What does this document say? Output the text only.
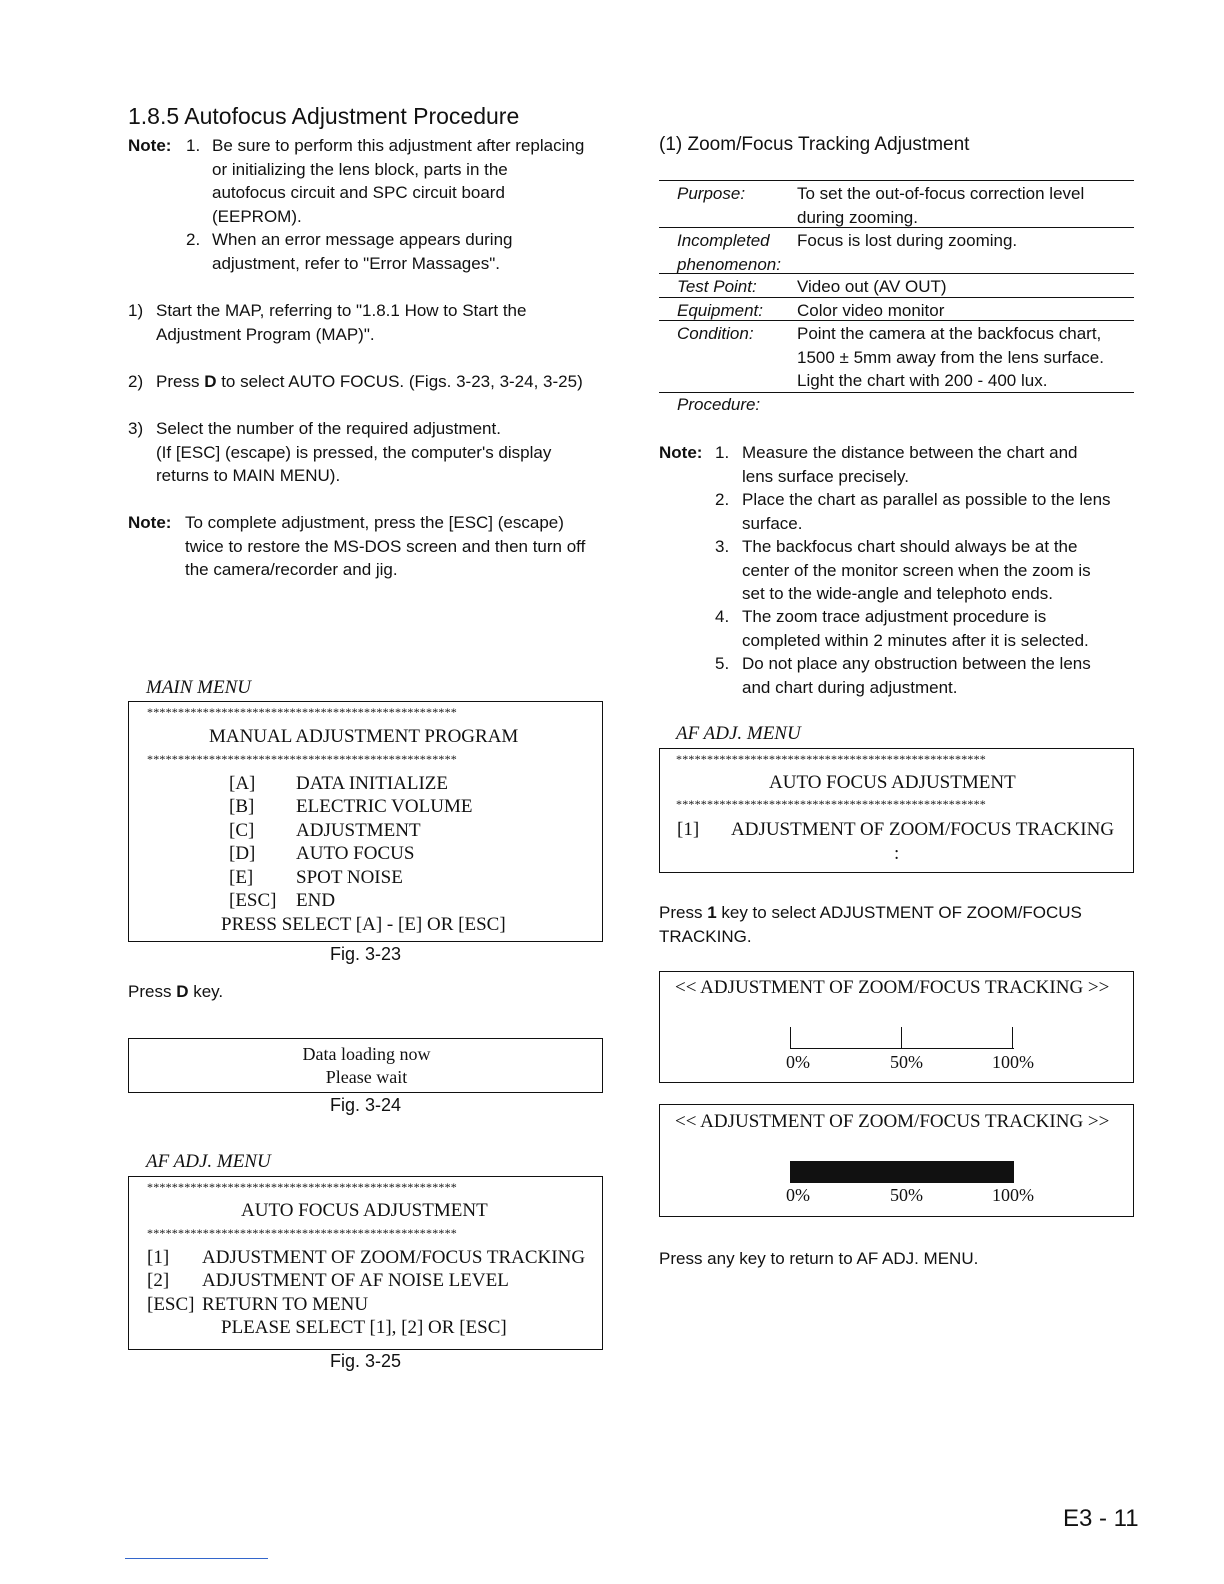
1.8.5 Autofocus Adjustment Procedure
Note: 1. Be sure to perform this adjustment after replacing
or initializing the lens block, parts in the
autofocus circuit and SPC circuit board
(EEPROM).
2. When an error message appears during
adjustment, refer to "Error Massages".
1) Start the MAP, referring to "1.8.1 How to Start the
Adjustment Program (MAP)".
2) Press D to select AUTO FOCUS. (Figs. 3-23, 3-24, 3-25)
3) Select the number of the required adjustment.
(If [ESC] (escape) is pressed, the computer's display
returns to MAIN MENU).
Note: To complete adjustment, press the [ESC] (escape)
twice to restore the MS-DOS screen and then turn off
the camera/recorder and jig.
MAIN MENU
**************************************************
MANUAL ADJUSTMENT PROGRAM
**************************************************
[A] DATA INITIALIZE
[B] ELECTRIC VOLUME
[C] ADJUSTMENT
[D] AUTO FOCUS
[E] SPOT NOISE
[ESC] END
PRESS SELECT [A] - [E] OR [ESC]
Fig. 3-23
Press D key.
Data loading now
Please wait
Fig. 3-24
AF ADJ. MENU
**************************************************
AUTO FOCUS ADJUSTMENT
**************************************************
[1] ADJUSTMENT OF ZOOM/FOCUS TRACKING
[2] ADJUSTMENT OF AF NOISE LEVEL
[ESC] RETURN TO MENU
PLEASE SELECT [1], [2] OR [ESC]
Fig. 3-25
(1) Zoom/Focus Tracking Adjustment
Purpose:	To set the out-of-focus correction level
during zooming.
Incompleted
phenomenon:
Focus is lost during zooming.
Test Point: Video out (AV OUT)
Equipment: Color video monitor
Condition:	Point the camera at the backfocus chart,
1500 ± 5mm away from the lens surface.
Light the chart with 200 - 400 lux.
Procedure:
Note: 1. Measure the distance between the chart and
lens surface precisely.
2. Place the chart as parallel as possible to the lens
surface.
3. The backfocus chart should always be at the
center of the monitor screen when the zoom is
set to the wide-angle and telephoto ends.
4. The zoom trace adjustment procedure is
completed within 2 minutes after it is selected.
5. Do not place any obstruction between the lens
and chart during adjustment.
AF ADJ. MENU
**************************************************
AUTO FOCUS ADJUSTMENT
**************************************************
[1] ADJUSTMENT OF ZOOM/FOCUS TRACKING
:
Press 1 key to select ADJUSTMENT OF ZOOM/FOCUS
TRACKING.
<< ADJUSTMENT OF ZOOM/FOCUS TRACKING >>
0%	50%	100%
<< ADJUSTMENT OF ZOOM/FOCUS TRACKING >>
0%	50%	100%
Press any key to return to AF ADJ. MENU.
E3 - 11
